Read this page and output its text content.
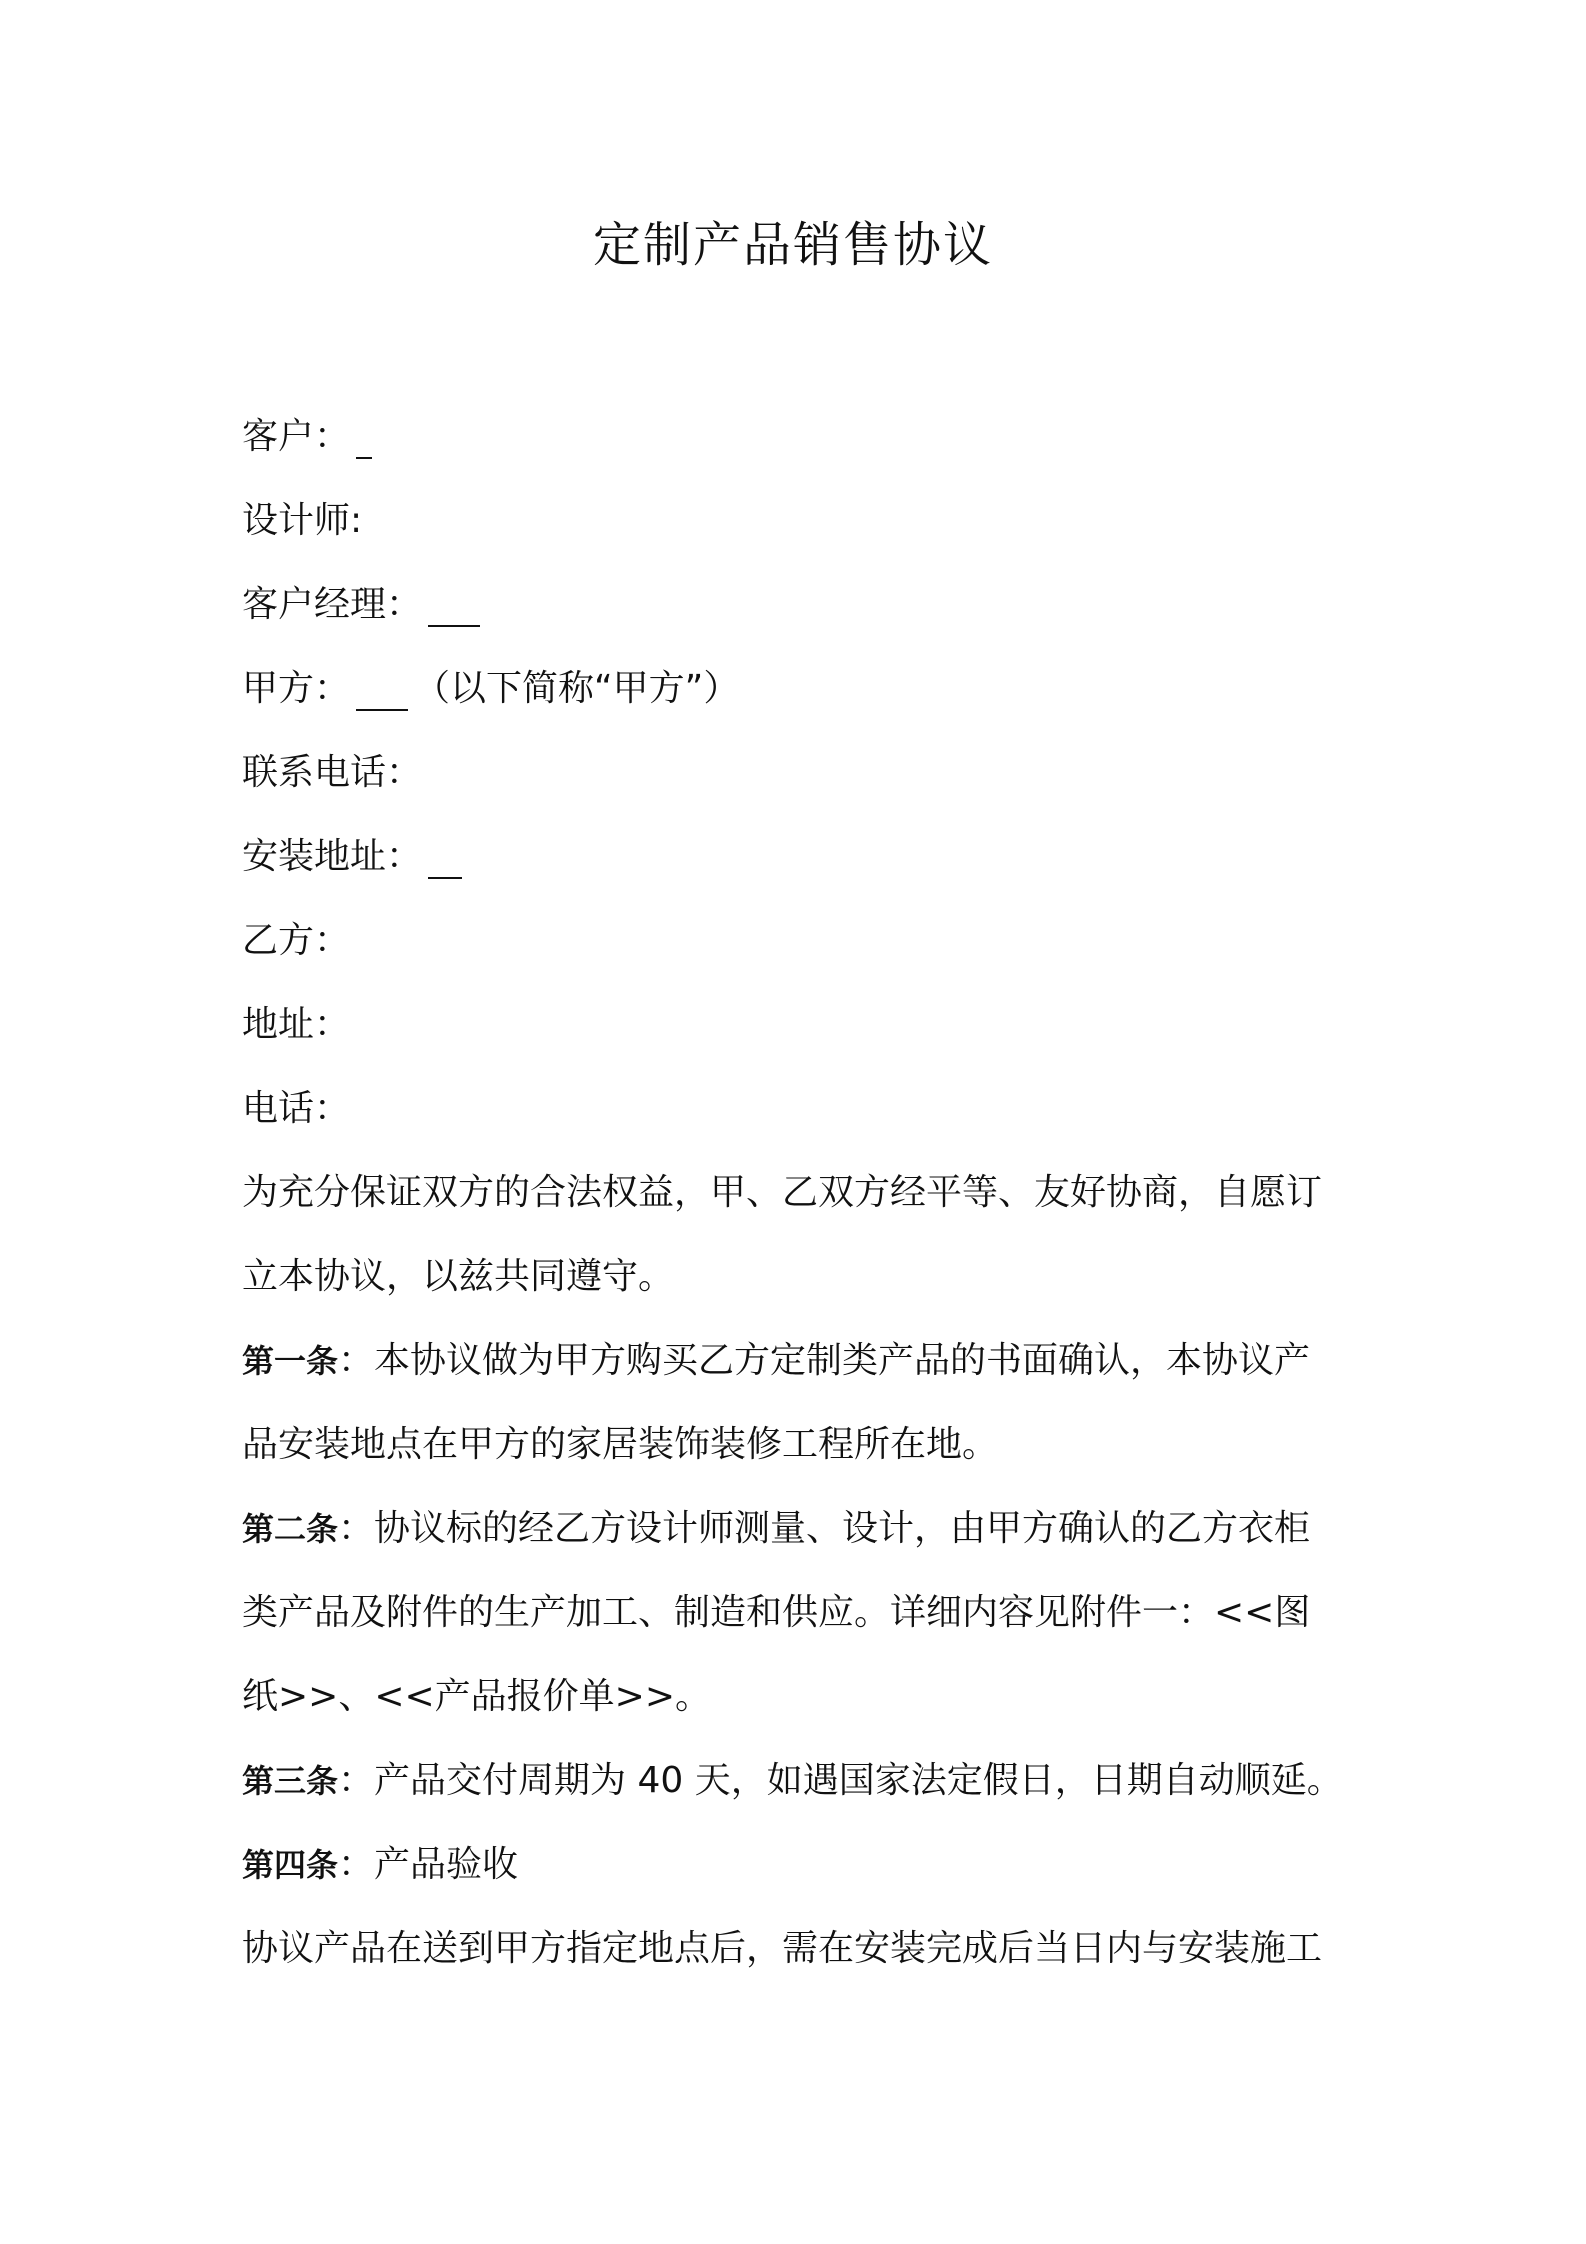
定制产品销售协议
客户：
设计师:
客户经理：
甲方： （以下简称“甲方”）
联系电话：
安装地址：
乙方：
地址：
电话：
为充分保证双方的合法权益，甲、乙双方经平等、友好协商，自愿订
立本协议，以兹共同遵守。
第一条：本协议做为甲方购买乙方定制类产品的书面确认，本协议产
品安装地点在甲方的家居装饰装修工程所在地。
第二条：协议标的经乙方设计师测量、设计，由甲方确认的乙方衣柜
类产品及附件的生产加工、制造和供应。详细内容见附件一：<<图
纸>>、<<产品报价单>>。
第三条：产品交付周期为 40 天，如遇国家法定假日，日期自动顺延。
第四条：产品验收
协议产品在送到甲方指定地点后，需在安装完成后当日内与安装施工
